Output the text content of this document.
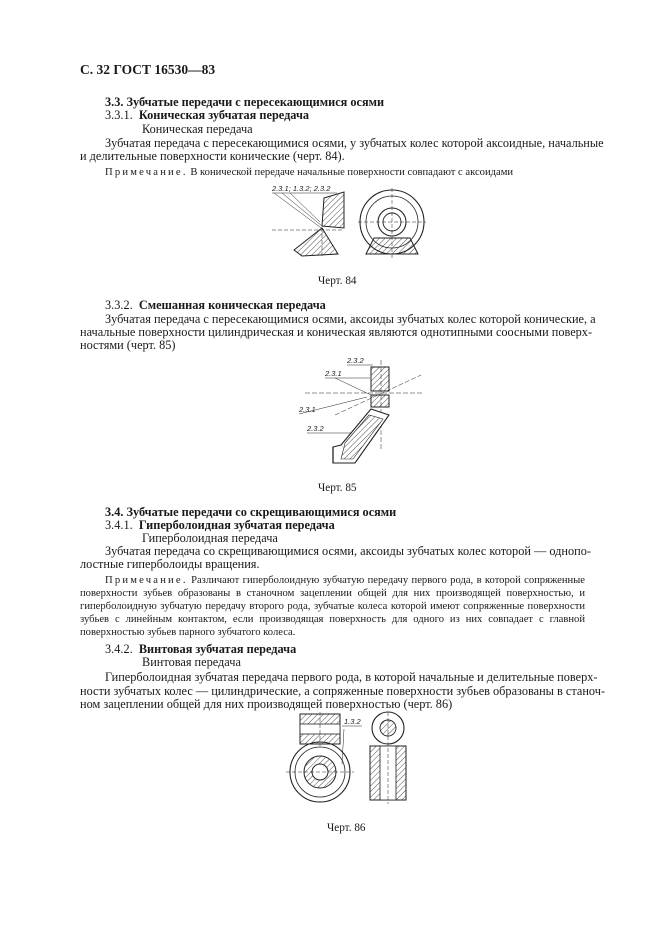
С. 32 ГОСТ 16530—83
3.3. Зубчатые передачи с пересекающимися осями
3.3.1. Коническая зубчатая передача
Коническая передача
Зубчатая передача с пересекающимися осями, у зубчатых колес которой аксоидные, начальные
и делительные поверхности конические (черт. 84).
Примечание. В конической передаче начальные поверхности совпадают с аксоидами
2.3.1; 1.3.2; 2.3.2
Черт. 84
3.3.2. Смешанная коническая передача
Зубчатая передача с пересекающимися осями, аксоиды зубчатых колес которой конические, а
начальные поверхности цилиндрическая и коническая являются однотипными соосными поверх-
ностями (черт. 85)
2.3.2
2.3.1
2.3.1
2.3.2
Черт. 85
3.4. Зубчатые передачи со скрещивающимися осями
3.4.1. Гиперболоидная зубчатая передача
Гиперболоидная передача
Зубчатая передача со скрещивающимися осями, аксоиды зубчатых колес которой — однопо-
лостные гиперболоиды вращения.
Примечание. Различают гиперболоидную зубчатую передачу первого рода, в которой сопряженные
поверхности зубьев образованы в станочном зацеплении общей для них производящей поверхностью, и
гиперболоидную зубчатую передачу второго рода, зубчатые колеса которой имеют сопряженные поверхности
зубьев с линейным контактом, если производящая поверхность для одного из них совпадает с главной
поверхностью зубьев парного зубчатого колеса.
3.4.2. Винтовая зубчатая передача
Винтовая передача
Гиперболоидная зубчатая передача первого рода, в которой начальные и делительные поверх-
ности зубчатых колес — цилиндрические, а сопряженные поверхности зубьев образованы в станоч-
ном зацеплении общей для них производящей поверхностью (черт. 86)
1.3.2
Черт. 86
